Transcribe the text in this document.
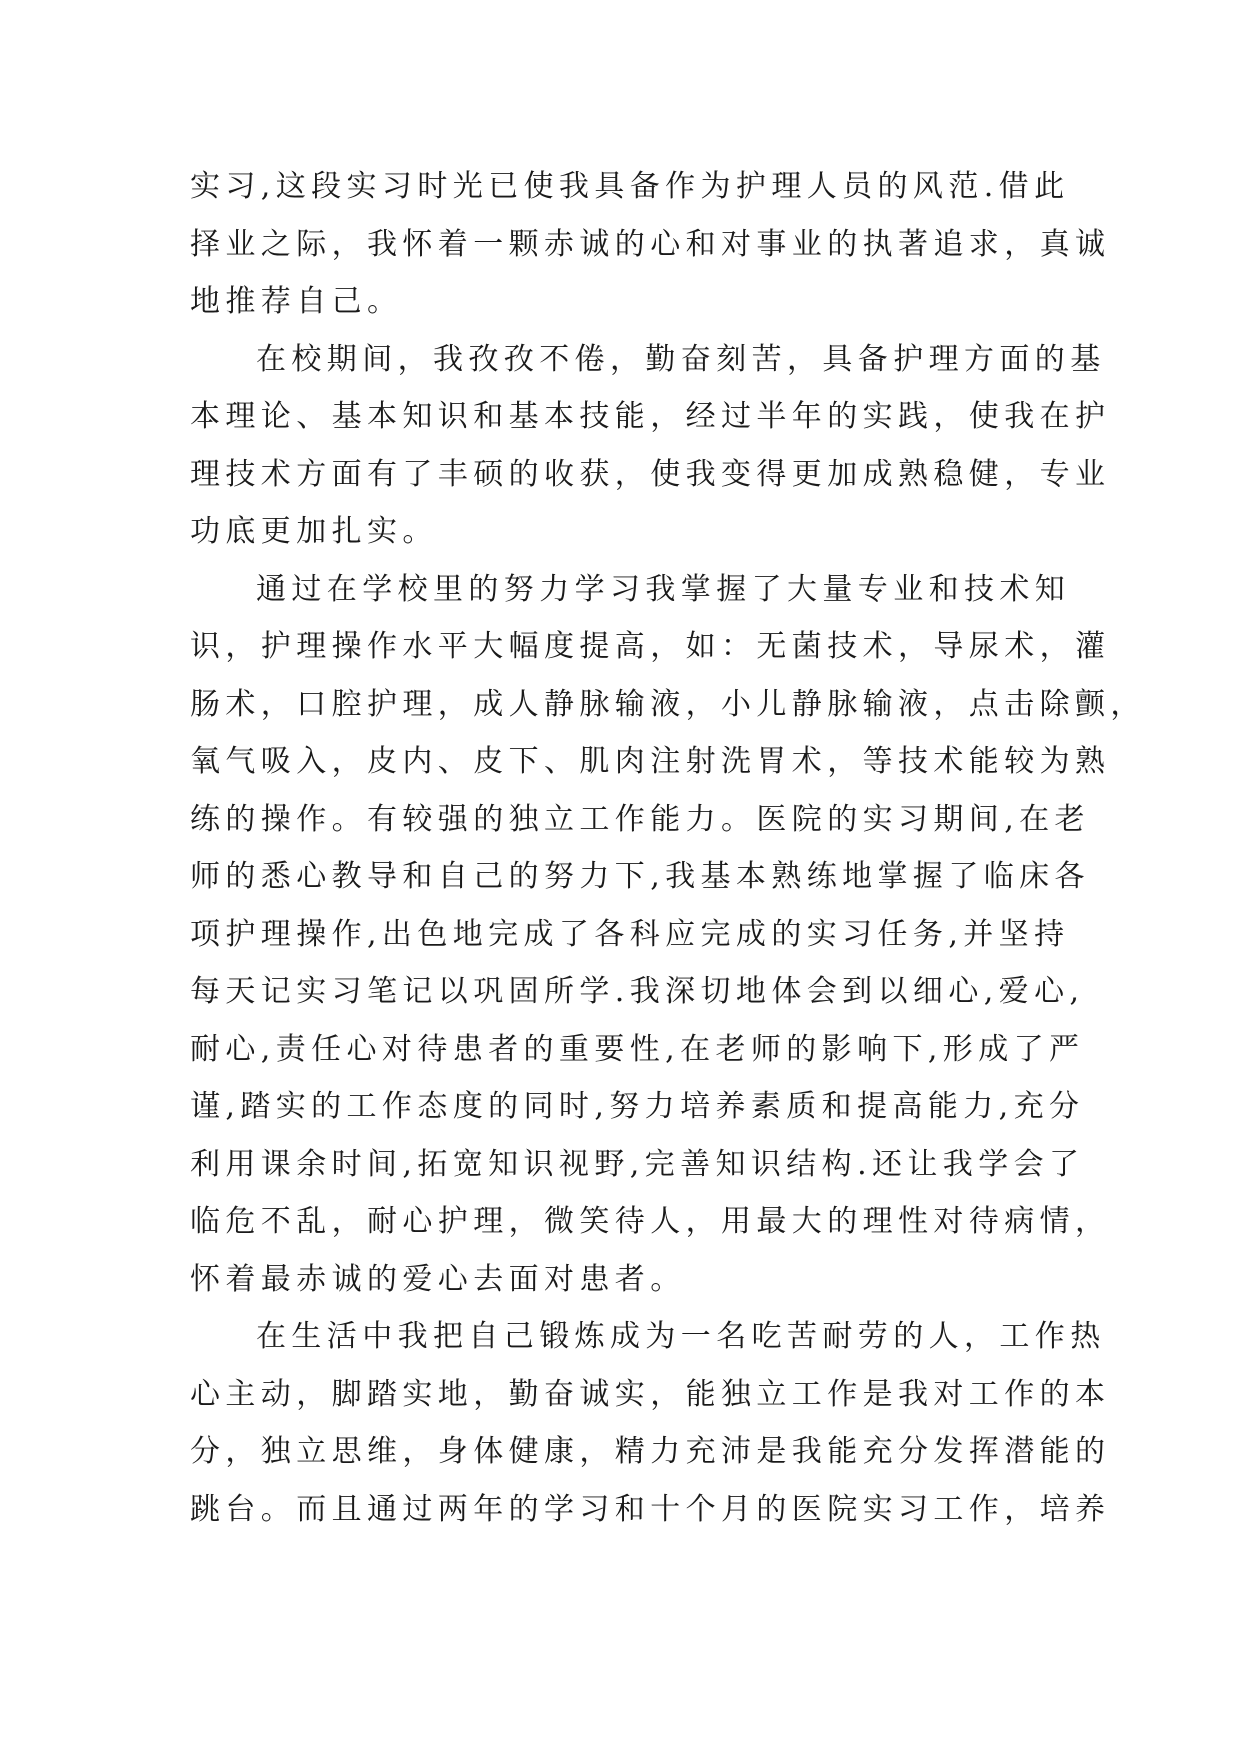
实习,这段实习时光已使我具备作为护理人员的风范.借此
择业之际，我怀着一颗赤诚的心和对事业的执著追求，真诚
地推荐自己。
在校期间，我孜孜不倦，勤奋刻苦，具备护理方面的基
本理论、基本知识和基本技能，经过半年的实践，使我在护
理技术方面有了丰硕的收获，使我变得更加成熟稳健，专业
功底更加扎实。
通过在学校里的努力学习我掌握了大量专业和技术知
识，护理操作水平大幅度提高，如：无菌技术，导尿术，灌
肠术，口腔护理，成人静脉输液，小儿静脉输液，点击除颤，
氧气吸入，皮内、皮下、肌肉注射洗胃术，等技术能较为熟
练的操作。有较强的独立工作能力。医院的实习期间,在老
师的悉心教导和自己的努力下,我基本熟练地掌握了临床各
项护理操作,出色地完成了各科应完成的实习任务,并坚持
每天记实习笔记以巩固所学.我深切地体会到以细心,爱心,
耐心,责任心对待患者的重要性,在老师的影响下,形成了严
谨,踏实的工作态度的同时,努力培养素质和提高能力,充分
利用课余时间,拓宽知识视野,完善知识结构.还让我学会了
临危不乱，耐心护理，微笑待人，用最大的理性对待病情，
怀着最赤诚的爱心去面对患者。
在生活中我把自己锻炼成为一名吃苦耐劳的人，工作热
心主动，脚踏实地，勤奋诚实，能独立工作是我对工作的本
分，独立思维，身体健康，精力充沛是我能充分发挥潜能的
跳台。而且通过两年的学习和十个月的医院实习工作，培养
